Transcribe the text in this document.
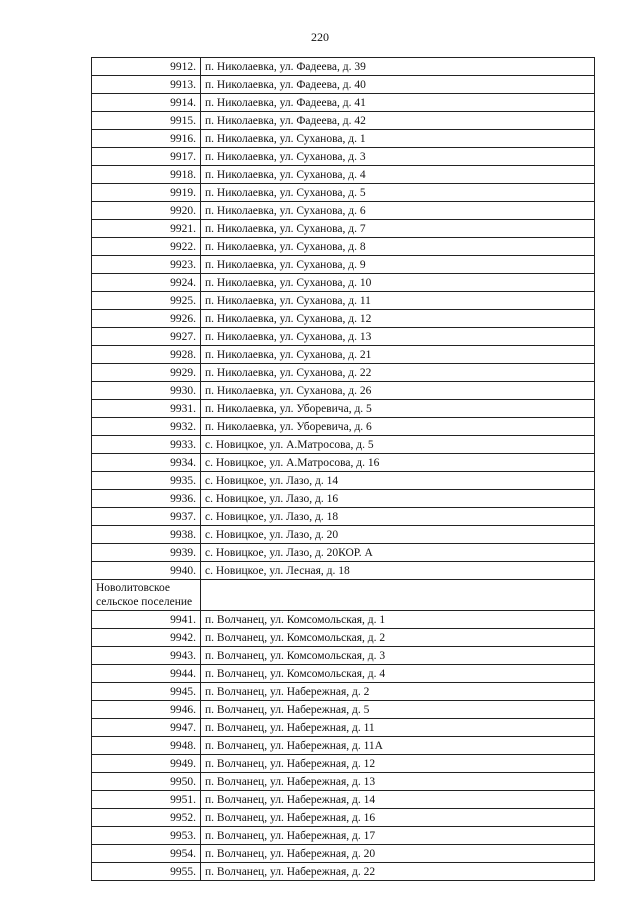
220
9912.	п. Николаевка, ул. Фадеева, д. 39
9913.	п. Николаевка, ул. Фадеева, д. 40
9914.	п. Николаевка, ул. Фадеева, д. 41
9915.	п. Николаевка, ул. Фадеева, д. 42
9916.	п. Николаевка, ул. Суханова, д. 1
9917.	п. Николаевка, ул. Суханова, д. 3
9918.	п. Николаевка, ул. Суханова, д. 4
9919.	п. Николаевка, ул. Суханова, д. 5
9920.	п. Николаевка, ул. Суханова, д. 6
9921.	п. Николаевка, ул. Суханова, д. 7
9922.	п. Николаевка, ул. Суханова, д. 8
9923.	п. Николаевка, ул. Суханова, д. 9
9924.	п. Николаевка, ул. Суханова, д. 10
9925.	п. Николаевка, ул. Суханова, д. 11
9926.	п. Николаевка, ул. Суханова, д. 12
9927.	п. Николаевка, ул. Суханова, д. 13
9928.	п. Николаевка, ул. Суханова, д. 21
9929.	п. Николаевка, ул. Суханова, д. 22
9930.	п. Николаевка, ул. Суханова, д. 26
9931.	п. Николаевка, ул. Уборевича, д. 5
9932.	п. Николаевка, ул. Уборевича, д. 6
9933.	с. Новицкое, ул. А.Матросова, д. 5
9934.	с. Новицкое, ул. А.Матросова, д. 16
9935.	с. Новицкое, ул. Лазо, д. 14
9936.	с. Новицкое, ул. Лазо, д. 16
9937.	с. Новицкое, ул. Лазо, д. 18
9938.	с. Новицкое, ул. Лазо, д. 20
9939.	с. Новицкое, ул. Лазо, д. 20КОР. А
9940.	с. Новицкое, ул. Лесная, д. 18
Новолитовское сельское поселение	
9941.	п. Волчанец, ул. Комсомольская, д. 1
9942.	п. Волчанец, ул. Комсомольская, д. 2
9943.	п. Волчанец, ул. Комсомольская, д. 3
9944.	п. Волчанец, ул. Комсомольская, д. 4
9945.	п. Волчанец, ул. Набережная, д. 2
9946.	п. Волчанец, ул. Набережная, д. 5
9947.	п. Волчанец, ул. Набережная, д. 11
9948.	п. Волчанец, ул. Набережная, д. 11А
9949.	п. Волчанец, ул. Набережная, д. 12
9950.	п. Волчанец, ул. Набережная, д. 13
9951.	п. Волчанец, ул. Набережная, д. 14
9952.	п. Волчанец, ул. Набережная, д. 16
9953.	п. Волчанец, ул. Набережная, д. 17
9954.	п. Волчанец, ул. Набережная, д. 20
9955.	п. Волчанец, ул. Набережная, д. 22
